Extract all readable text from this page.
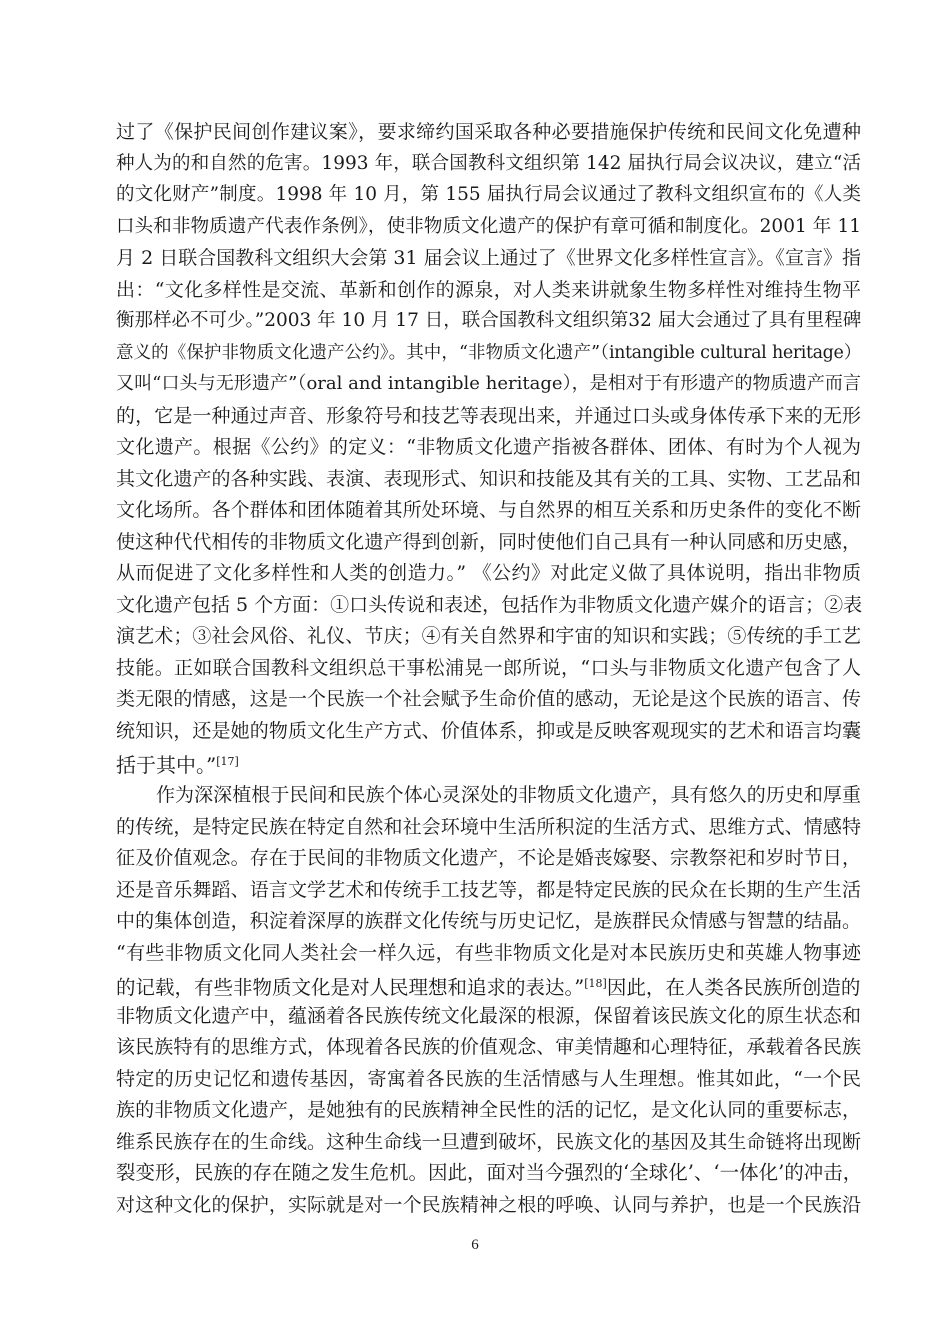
过了《保护民间创作建议案》，要求缔约国采取各种必要措施保护传统和民间文化免遭种
种人为的和自然的危害。1993 年，联合国教科文组织第 142 届执行局会议决议，建立“活
的文化财产”制度。1998 年 10 月，第 155 届执行局会议通过了教科文组织宣布的《人类
口头和非物质遗产代表作条例》，使非物质文化遗产的保护有章可循和制度化。2001 年 11
月 2 日联合国教科文组织大会第 31 届会议上通过了《世界文化多样性宣言》。《宣言》指
出：“文化多样性是交流、革新和创作的源泉，对人类来讲就象生物多样性对维持生物平
衡那样必不可少。”2003 年 10 月 17 日，联合国教科文组织第32 届大会通过了具有里程碑
意义的《保护非物质文化遗产公约》。其中，“非物质文化遗产”（intangible cultural heritage）
又叫“口头与无形遗产”（oral and intangible heritage），是相对于有形遗产的物质遗产而言
的，它是一种通过声音、形象符号和技艺等表现出来，并通过口头或身体传承下来的无形
文化遗产。根据《公约》的定义：“非物质文化遗产指被各群体、团体、有时为个人视为
其文化遗产的各种实践、表演、表现形式、知识和技能及其有关的工具、实物、工艺品和
文化场所。各个群体和团体随着其所处环境、与自然界的相互关系和历史条件的变化不断
使这种代代相传的非物质文化遗产得到创新，同时使他们自己具有一种认同感和历史感，
从而促进了文化多样性和人类的创造力。” 《公约》对此定义做了具体说明，指出非物质
文化遗产包括 5 个方面：①口头传说和表述，包括作为非物质文化遗产媒介的语言；②表
演艺术；③社会风俗、礼仪、节庆；④有关自然界和宇宙的知识和实践；⑤传统的手工艺
技能。正如联合国教科文组织总干事松浦晃一郎所说，“口头与非物质文化遗产包含了人
类无限的情感，这是一个民族一个社会赋予生命价值的感动，无论是这个民族的语言、传
统知识，还是她的物质文化生产方式、价值体系，抑或是反映客观现实的艺术和语言均囊
括于其中。”[17]
作为深深植根于民间和民族个体心灵深处的非物质文化遗产，具有悠久的历史和厚重
的传统，是特定民族在特定自然和社会环境中生活所积淀的生活方式、思维方式、情感特
征及价值观念。存在于民间的非物质文化遗产，不论是婚丧嫁娶、宗教祭祀和岁时节日，
还是音乐舞蹈、语言文学艺术和传统手工技艺等，都是特定民族的民众在长期的生产生活
中的集体创造，积淀着深厚的族群文化传统与历史记忆，是族群民众情感与智慧的结晶。
“有些非物质文化同人类社会一样久远，有些非物质文化是对本民族历史和英雄人物事迹
的记载，有些非物质文化是对人民理想和追求的表达。”[18]因此，在人类各民族所创造的
非物质文化遗产中，蕴涵着各民族传统文化最深的根源，保留着该民族文化的原生状态和
该民族特有的思维方式，体现着各民族的价值观念、审美情趣和心理特征，承载着各民族
特定的历史记忆和遗传基因，寄寓着各民族的生活情感与人生理想。惟其如此，“一个民
族的非物质文化遗产，是她独有的民族精神全民性的活的记忆，是文化认同的重要标志，
维系民族存在的生命线。这种生命线一旦遭到破坏，民族文化的基因及其生命链将出现断
裂变形，民族的存在随之发生危机。因此，面对当今强烈的‘全球化’、‘一体化’的冲击，
对这种文化的保护，实际就是对一个民族精神之根的呼唤、认同与养护，也是一个民族沿
6
